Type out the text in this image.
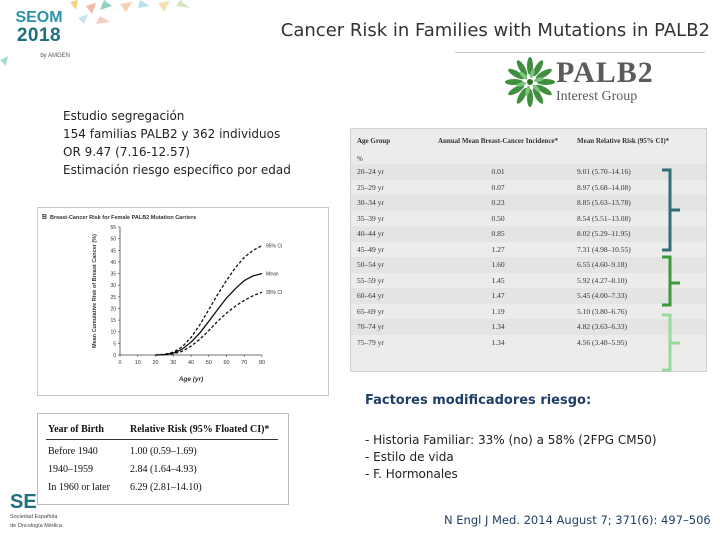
SEOM
2018
by AMGEN
Cancer Risk in Families with Mutations in PALB2
PALB2
Interest Group
Estudio segregación
154 familias PALB2 y 362 individuos
OR 9.47 (7.16-12.57)
Estimación riesgo especifico por edad
Age Group	Annual Mean Breast-Cancer Incidence*	Mean Relative Risk (95% CI)*
%
20–24 yr	0.01	9.01 (5.70–14.16)
25–29 yr	0.07	8.97 (5.68–14.08)
30–34 yr	0.23	8.85 (5.63–13.78)
35–39 yr	0.50	8.54 (5.51–13.08)
40–44 yr	0.85	8.02 (5.29–11.95)
45–49 yr	1.27	7.31 (4.98–10.55)
50–54 yr	1.60	6.55 (4.60–9.18)
55–59 yr	1.45	5.92 (4.27–8.10)
60–64 yr	1.47	5.45 (4.00–7.33)
65–69 yr	1.19	5.10 (3.80–6.76)
70–74 yr	1.34	4.82 (3.63–6.33)
75–79 yr	1.34	4.56 (3.48–5.95)
B Breast-Cancer Risk for Female PALB2 Mutation Carriers
0 10 20 30 40 50 60 70 80
0
5
10
15
20
25
30
35
40
45
50
55
Age (yr)
Mean Cumulative Risk of Breast Cancer (%)	95% CI
Mean
95% CI
Factores modificadores riesgo:
- Historia Familiar: 33% (no) a 58% (2FPG CM50)
- Estilo de vida
- F. Hormonales
Year of Birth	Relative Risk (95% Floated CI)*
Before 1940	1.00 (0.59–1.69)
1940–1959	2.84 (1.64–4.93)
In 1960 or later 6.29 (2.81–14.10)
SE
Sociedad Española
de Oncología Médica	N Engl J Med. 2014 August 7; 371(6): 497–506
